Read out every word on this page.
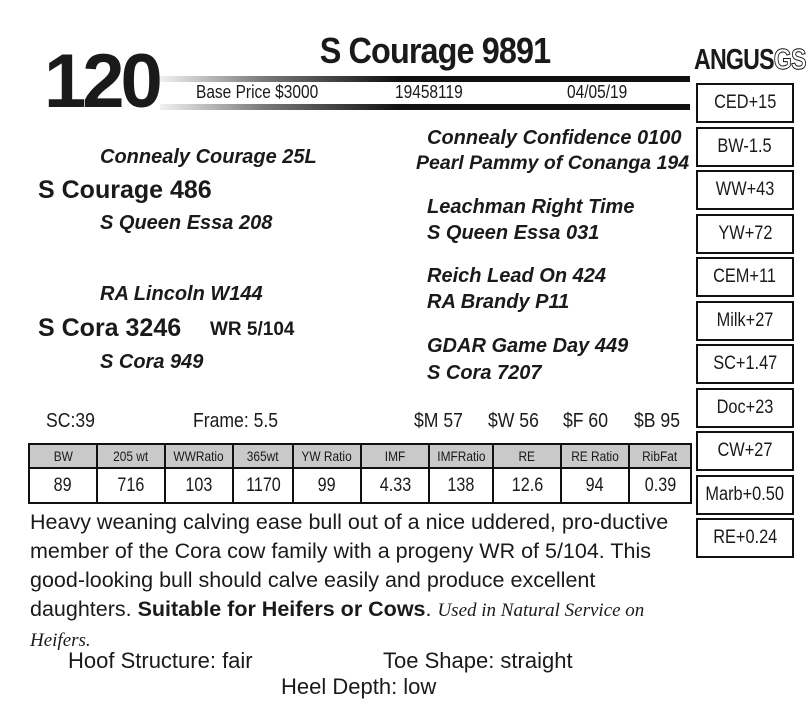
120	S Courage 9891
Base Price $3000	19458119	04/05/19
Connealy Courage 25L
S Courage 486
S Queen Essa 208
Connealy Confidence 0100
Pearl Pammy of Conanga 194
Leachman Right Time
S Queen Essa 031
RA Lincoln W144
S Cora 3246 WR 5/104
S Cora 949
Reich Lead On 424
RA Brandy P11
GDAR Game Day 449
S Cora 7207
ANGUSGS
CED+15
BW-1.5
WW+43
YW+72
CEM+11
Milk+27
SC+1.47
Doc+23
CW+27
Marb+0.50
RE+0.24
SC:39	Frame: 5.5	$M 57 $W 56 $F 60 $B 95
BW	205 wt	WWRatio	365wt	YW Ratio	IMF	IMFRatio	RE	RE Ratio	RibFat
89	716	103	1170	99	4.33	138	12.6	94	0.39
Heavy weaning calving ease bull out of a nice uddered, pro-ductive member of the Cora cow family with a progeny WR of 5/104. This good-looking bull should calve easily and produce excellent daughters. Suitable for Heifers or Cows. Used in Natural Service on Heifers.
Hoof Structure: fair	Toe Shape: straight
Heel Depth: low
